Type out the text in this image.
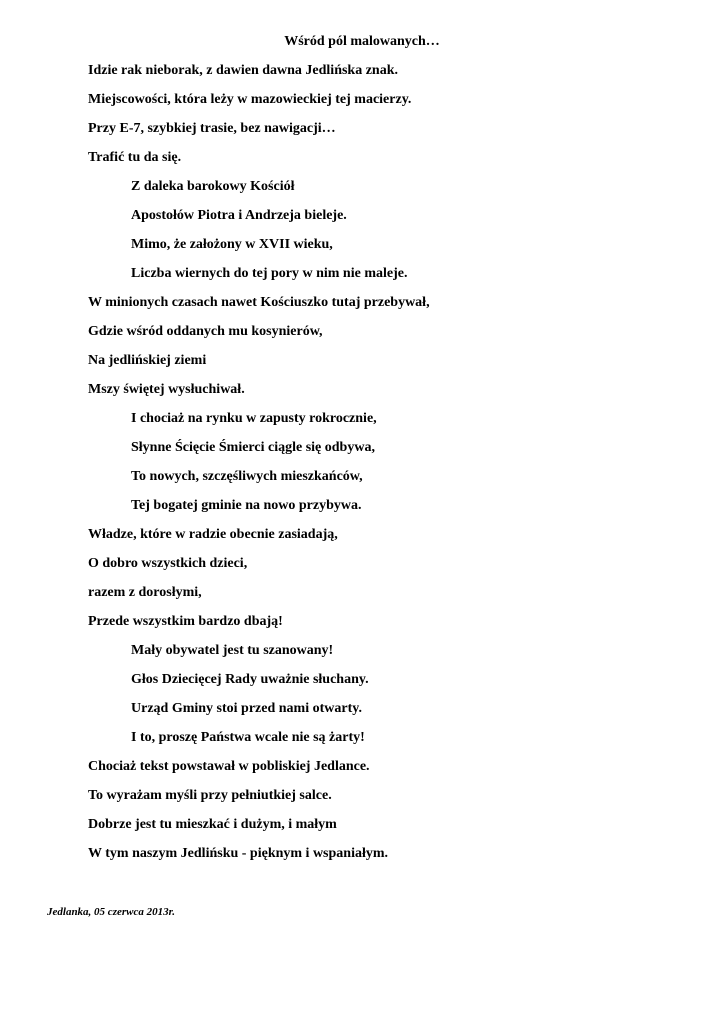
Wśród pól malowanych…
Idzie rak nieborak, z dawien dawna Jedlińska znak.
Miejscowości, która leży w mazowieckiej tej macierzy.
Przy E-7, szybkiej trasie, bez nawigacji…
Trafić tu da się.
Z daleka barokowy Kościół
Apostołów Piotra i Andrzeja bieleje.
Mimo, że założony w XVII wieku,
Liczba wiernych do tej pory w nim nie maleje.
W minionych czasach nawet Kościuszko tutaj przebywał,
Gdzie wśród oddanych mu kosynierów,
Na jedlińskiej ziemi
Mszy świętej wysłuchiwał.
I chociaż na rynku w zapusty rokrocznie,
Słynne Ścięcie Śmierci ciągle się odbywa,
To nowych, szczęśliwych mieszkańców,
Tej bogatej gminie na nowo przybywa.
Władze, które w radzie obecnie zasiadają,
O dobro wszystkich dzieci,
razem z dorosłymi,
Przede wszystkim bardzo dbają!
Mały obywatel jest tu szanowany!
Głos Dziecięcej Rady uważnie słuchany.
Urząd Gminy stoi przed nami otwarty.
I to, proszę Państwa wcale nie są żarty!
Chociaż tekst powstawał w pobliskiej Jedlance.
To wyrażam myśli przy pełniutkiej salce.
Dobrze jest tu mieszkać i dużym, i małym
W tym naszym Jedlińsku - pięknym i wspaniałym.
Jedlanka, 05 czerwca 2013r.
